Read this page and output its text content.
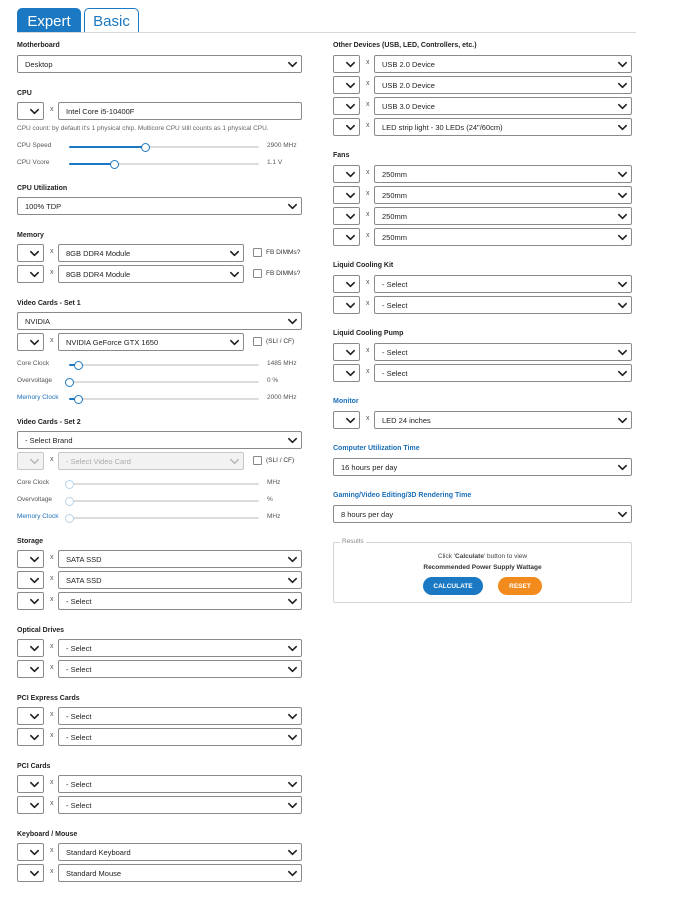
Expert	Basic
Motherboard
Desktop
CPU
x	Intel Core i5-10400F
CPU count: by default it's 1 physical chip. Multicore CPU still counts as 1 physical CPU.
CPU Speed	2900 MHz
CPU Vcore	1.1 V
CPU Utilization
100% TDP
Memory
x 8GB DDR4 Module	FB DIMMs?
x 8GB DDR4 Module	FB DIMMs?
Video Cards - Set 1
NVIDIA
x NVIDIA GeForce GTX 1650	(SLI / CF)
Core Clock	1485 MHz
Overvoltage	0 %
Memory Clock	2000 MHz
Video Cards - Set 2
- Select Brand
x - Select Video Card	(SLI / CF)
Core Clock	MHz
Overvoltage	%
Memory Clock	MHz
Storage
x SATA SSD
x SATA SSD
x - Select
Optical Drives
x - Select
x - Select
PCI Express Cards
x - Select
x - Select
PCI Cards
x - Select
x - Select
Keyboard / Mouse
x Standard Keyboard
x Standard Mouse
Other Devices (USB, LED, Controllers, etc.)
x USB 2.0 Device
x USB 2.0 Device
x USB 3.0 Device
x LED strip light - 30 LEDs (24"/60cm)
Fans
x 250mm
x 250mm
x 250mm
x 250mm
Liquid Cooling Kit
x - Select
x - Select
Liquid Cooling Pump
x - Select
x - Select
Monitor
x LED 24 inches
Computer Utilization Time
16 hours per day
Gaming/Video Editing/3D Rendering Time
8 hours per day
Results
Click 'Calculate' button to view
Recommended Power Supply Wattage
CALCULATE	RESET
